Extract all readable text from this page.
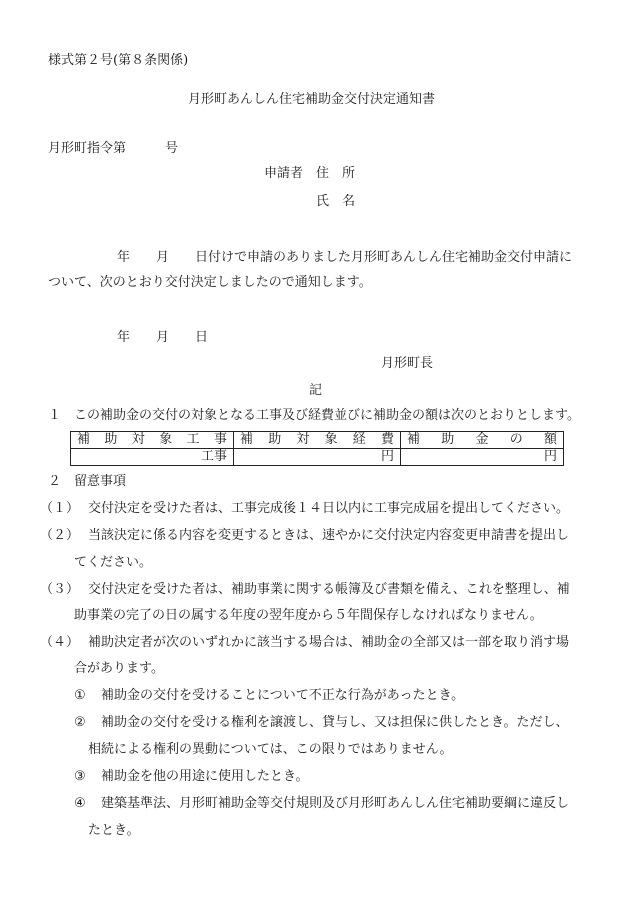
様式第２号(第８条関係)
月形町あんしん住宅補助金交付決定通知書
月形町指令第　　　号
申請者 住　所
氏　名
年　　月　　日付けで申請のありました月形町あんしん住宅補助金交付申請に
ついて、次のとおり交付決定しましたので通知します。
年　　月　　日
月形町長
記
１ この補助金の交付の対象となる工事及び経費並びに補助金の額は次のとおりとします。
補助対象工事	補助対象経費	補助金の額
工事	円	円
２ 留意事項
（１） 交付決定を受けた者は、工事完成後１４日以内に工事完成届を提出してください。
（２） 当該決定に係る内容を変更するときは、速やかに交付決定内容変更申請書を提出し
てください。
（３） 交付決定を受けた者は、補助事業に関する帳簿及び書類を備え、これを整理し、補
助事業の完了の日の属する年度の翌年度から５年間保存しなければなりません。
（４） 補助決定者が次のいずれかに該当する場合は、補助金の全部又は一部を取り消す場
合があります。
① 補助金の交付を受けることについて不正な行為があったとき。
② 補助金の交付を受ける権利を譲渡し、貸与し、又は担保に供したとき。ただし、
相続による権利の異動については、この限りではありません。
③ 補助金を他の用途に使用したとき。
④ 建築基準法、月形町補助金等交付規則及び月形町あんしん住宅補助要綱に違反し
たとき。
